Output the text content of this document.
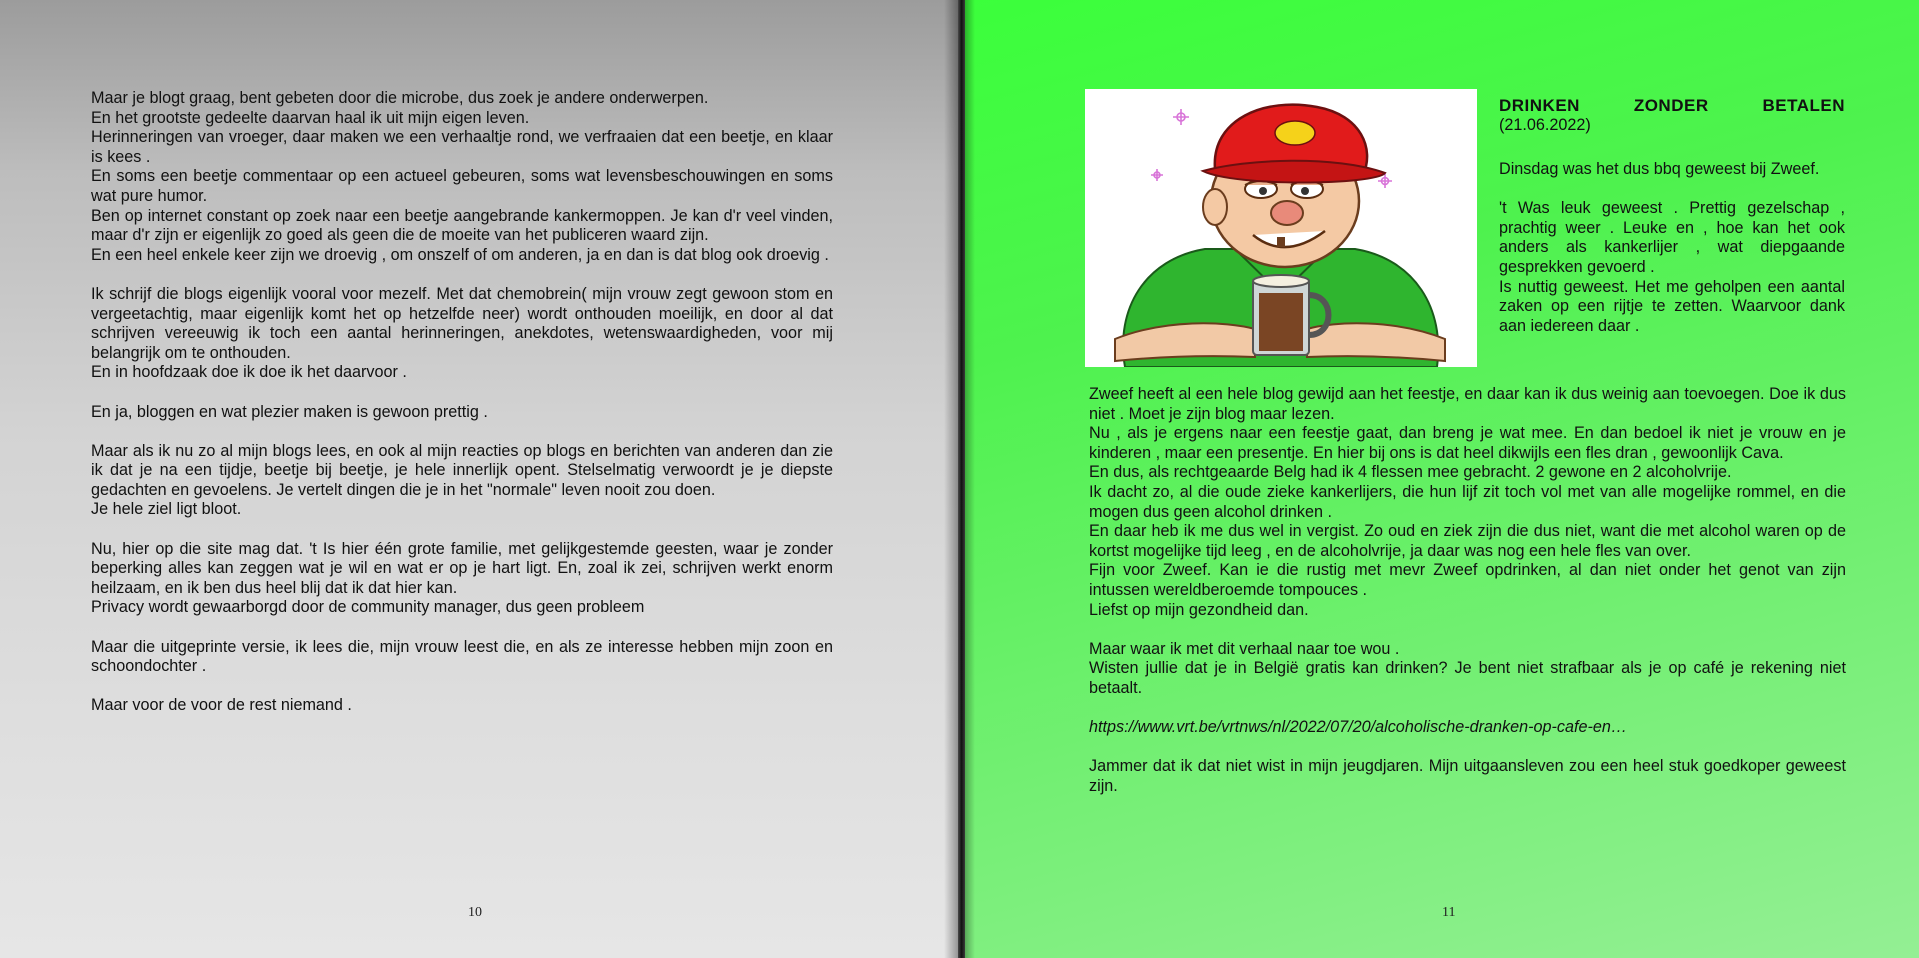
Maar je blogt graag, bent gebeten door die microbe, dus zoek je andere onderwerpen.

En het grootste gedeelte daarvan haal ik uit mijn eigen leven.

Herinneringen van vroeger, daar maken we een verhaaltje rond, we verfraaien dat een beetje, en klaar is kees .

En soms een beetje commentaar op een actueel gebeuren, soms wat levensbeschouwingen en soms wat pure humor.

Ben op internet constant op zoek naar een beetje aangebrande kankermoppen. Je kan d'r veel vinden, maar d'r zijn er eigenlijk zo goed als geen die de moeite van het publiceren waard zijn.

En een heel enkele keer zijn we droevig , om onszelf of om anderen, ja en dan is dat blog ook droevig .

Ik schrijf die blogs eigenlijk vooral voor mezelf. Met dat chemobrein( mijn vrouw zegt gewoon stom en vergeetachtig, maar eigenlijk komt het op hetzelfde neer) wordt onthouden moeilijk, en door al dat schrijven vereeuwig ik toch een aantal herinneringen, anekdotes, wetenswaardigheden, voor mij belangrijk om te onthouden.

En in hoofdzaak doe ik doe ik het daarvoor .

En ja, bloggen en wat plezier maken is gewoon prettig .

Maar als ik nu zo al mijn blogs lees, en ook al mijn reacties op blogs en berichten van anderen dan zie ik dat je na een tijdje, beetje bij beetje, je hele innerlijk opent. Stelselmatig verwoordt je je diepste gedachten en gevoelens. Je vertelt dingen die je in het "normale" leven nooit zou doen.

Je hele ziel ligt bloot.

Nu, hier op die site mag dat. 't Is hier één grote familie, met gelijkgestemde geesten, waar je zonder beperking alles kan zeggen wat je wil en wat er op je hart ligt. En, zoal ik zei, schrijven werkt enorm heilzaam, en ik ben dus heel blij dat ik dat hier kan.

Privacy wordt gewaarborgd door de community manager, dus geen probleem

Maar die uitgeprinte versie, ik lees die, mijn vrouw leest die, en als ze interesse hebben mijn zoon en schoondochter .

Maar voor de voor de rest niemand .

10

DRINKEN	ZONDER	BETALEN

(21.06.2022)

Dinsdag was het dus bbq geweest bij Zweef.

't Was leuk geweest . Prettig gezelschap , prachtig weer . Leuke en , hoe kan het ook anders als kankerlijer , wat diepgaande gesprekken gevoerd .

Is nuttig geweest. Het me geholpen een aantal zaken op een rijtje te zetten. Waarvoor dank aan iedereen daar .

Zweef heeft al een hele blog gewijd aan het feestje, en daar kan ik dus weinig aan toevoegen. Doe ik dus niet . Moet je zijn blog maar lezen.

Nu , als je ergens naar een feestje gaat, dan breng je wat mee. En dan bedoel ik niet je vrouw en je kinderen , maar een presentje. En hier bij ons is dat heel dikwijls een fles dran , gewoonlijk Cava.

En dus, als rechtgeaarde Belg had ik 4 flessen mee gebracht. 2 gewone en 2 alcoholvrije.

Ik dacht zo, al die oude zieke kankerlijers, die hun lijf zit toch vol met van alle mogelijke rommel, en die mogen dus geen alcohol drinken .

En daar heb ik me dus wel in vergist. Zo oud en ziek zijn die dus niet, want die met alcohol waren op de kortst mogelijke tijd leeg , en de alcoholvrije, ja daar was nog een hele fles van over.

Fijn voor Zweef. Kan ie die rustig met mevr Zweef opdrinken, al dan niet onder het genot van zijn intussen wereldberoemde tompouces .

Liefst op mijn gezondheid dan.

Maar waar ik met dit verhaal naar toe wou .

Wisten jullie dat je in België gratis kan drinken? Je bent niet strafbaar als je op café je rekening niet betaalt.

https://www.vrt.be/vrtnws/nl/2022/07/20/alcoholische-dranken-op-cafe-en…

Jammer dat ik dat niet wist in mijn jeugdjaren. Mijn uitgaansleven zou een heel stuk goedkoper geweest zijn.

11
